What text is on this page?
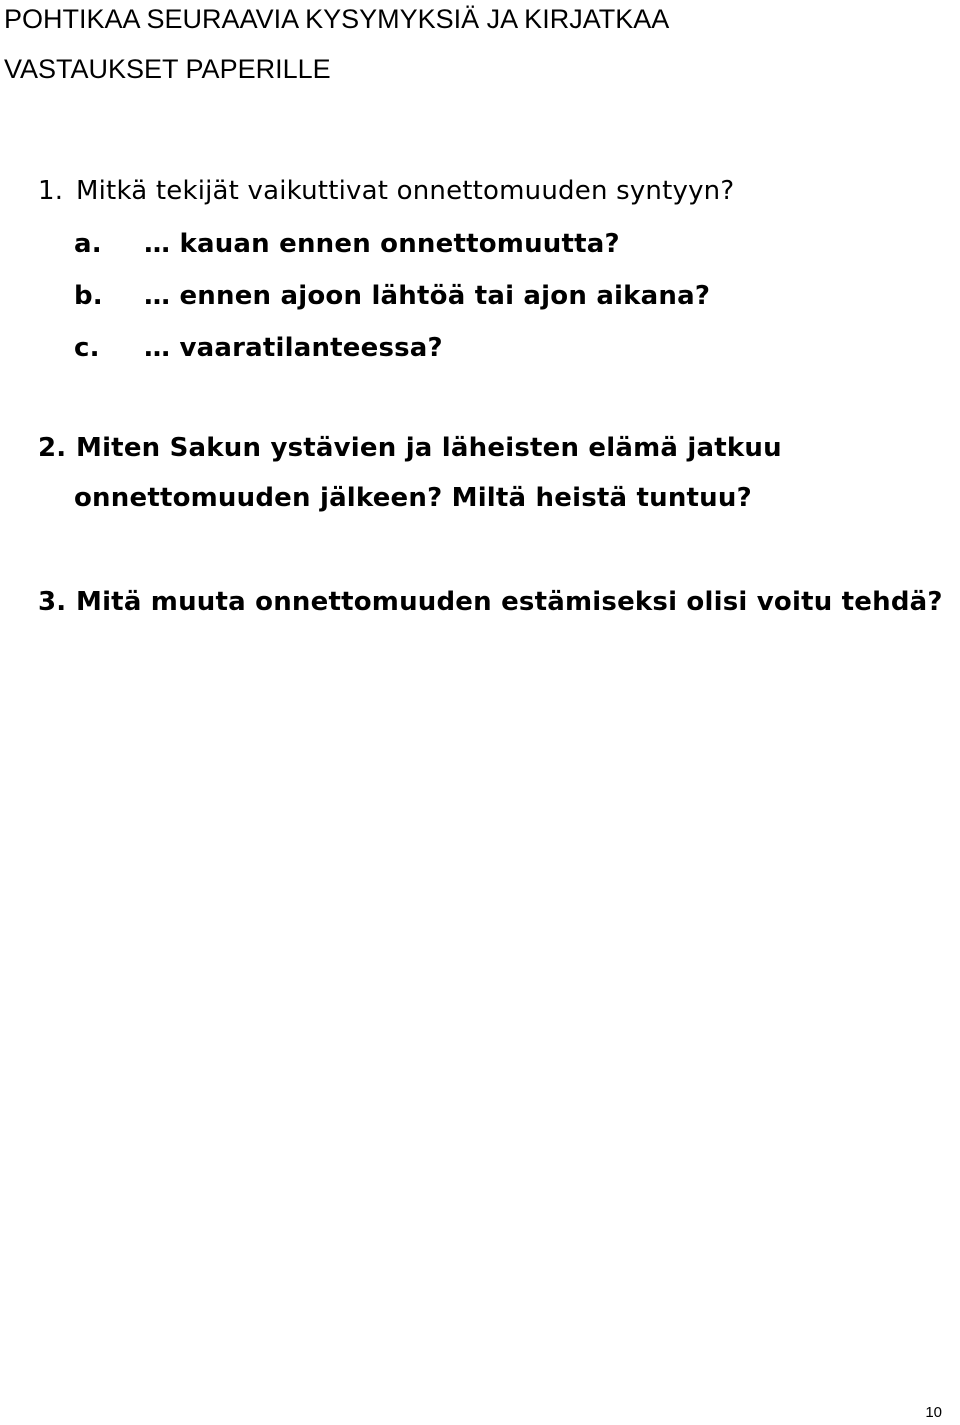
POHTIKAA SEURAAVIA KYSYMYKSIÄ JA KIRJATKAA
VASTAUKSET PAPERILLE
1. Mitkä tekijät vaikuttivat onnettomuuden syntyyn?
a. … kauan ennen onnettomuutta?
b. … ennen ajoon lähtöä tai ajon aikana?
c. … vaaratilanteessa?
2. Miten Sakun ystävien ja läheisten elämä jatkuu
onnettomuuden jälkeen? Miltä heistä tuntuu?
3. Mitä muuta onnettomuuden estämiseksi olisi voitu tehdä?
10
